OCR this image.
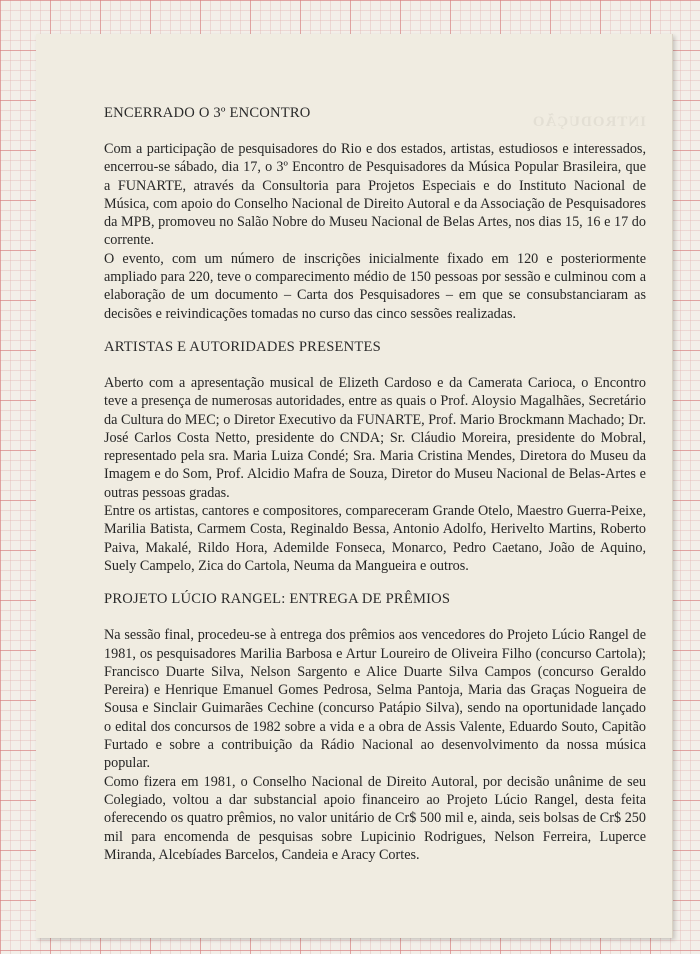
INTRODUÇÃO
ENCERRADO O 3º ENCONTRO

Com a participação de pesquisadores do Rio e dos estados, artistas, estudiosos e interessados, encerrou-se sábado, dia 17, o 3º Encontro de Pesquisadores da Música Popular Brasileira, que a FUNARTE, através da Consultoria para Projetos Especiais e do Instituto Nacional de Música, com apoio do Conselho Nacional de Direito Autoral e da Associação de Pesquisadores da MPB, promoveu no Salão Nobre do Museu Nacional de Belas Artes, nos dias 15, 16 e 17 do corrente.

O evento, com um número de inscrições inicialmente fixado em 120 e posteriormente ampliado para 220, teve o comparecimento médio de 150 pessoas por sessão e culminou com a elaboração de um documento – Carta dos Pesquisadores – em que se consubstanciaram as decisões e reivindicações tomadas no curso das cinco sessões realizadas.

ARTISTAS E AUTORIDADES PRESENTES

Aberto com a apresentação musical de Elizeth Cardoso e da Camerata Carioca, o Encontro teve a presença de numerosas autoridades, entre as quais o Prof. Aloysio Magalhães, Secretário da Cultura do MEC; o Diretor Executivo da FUNARTE, Prof. Mario Brockmann Machado; Dr. José Carlos Costa Netto, presidente do CNDA; Sr. Cláudio Moreira, presidente do Mobral, representado pela sra. Maria Luiza Condé; Sra. Maria Cristina Mendes, Diretora do Museu da Imagem e do Som, Prof. Alcidio Mafra de Souza, Diretor do Museu Nacional de Belas-Artes e outras pessoas gradas.

Entre os artistas, cantores e compositores, compareceram Grande Otelo, Maestro Guerra-Peixe, Marilia Batista, Carmem Costa, Reginaldo Bessa, Antonio Adolfo, Herivelto Martins, Roberto Paiva, Makalé, Rildo Hora, Ademilde Fonseca, Monarco, Pedro Caetano, João de Aquino, Suely Campelo, Zica do Cartola, Neuma da Mangueira e outros.

PROJETO LÚCIO RANGEL: ENTREGA DE PRÊMIOS

Na sessão final, procedeu-se à entrega dos prêmios aos vencedores do Projeto Lúcio Rangel de 1981, os pesquisadores Marilia Barbosa e Artur Loureiro de Oliveira Filho (concurso Cartola); Francisco Duarte Silva, Nelson Sargento e Alice Duarte Silva Campos (concurso Geraldo Pereira) e Henrique Emanuel Gomes Pedrosa, Selma Pantoja, Maria das Graças Nogueira de Sousa e Sinclair Guimarães Cechine (concurso Patápio Silva), sendo na oportunidade lançado o edital dos concursos de 1982 sobre a vida e a obra de Assis Valente, Eduardo Souto, Capitão Furtado e sobre a contribuição da Rádio Nacional ao desenvolvimento da nossa música popular.

Como fizera em 1981, o Conselho Nacional de Direito Autoral, por decisão unânime de seu Colegiado, voltou a dar substancial apoio financeiro ao Projeto Lúcio Rangel, desta feita oferecendo os quatro prêmios, no valor unitário de Cr$ 500 mil e, ainda, seis bolsas de Cr$ 250 mil para encomenda de pesquisas sobre Lupicinio Rodrigues, Nelson Ferreira, Luperce Miranda, Alcebíades Barcelos, Candeia e Aracy Cortes.
